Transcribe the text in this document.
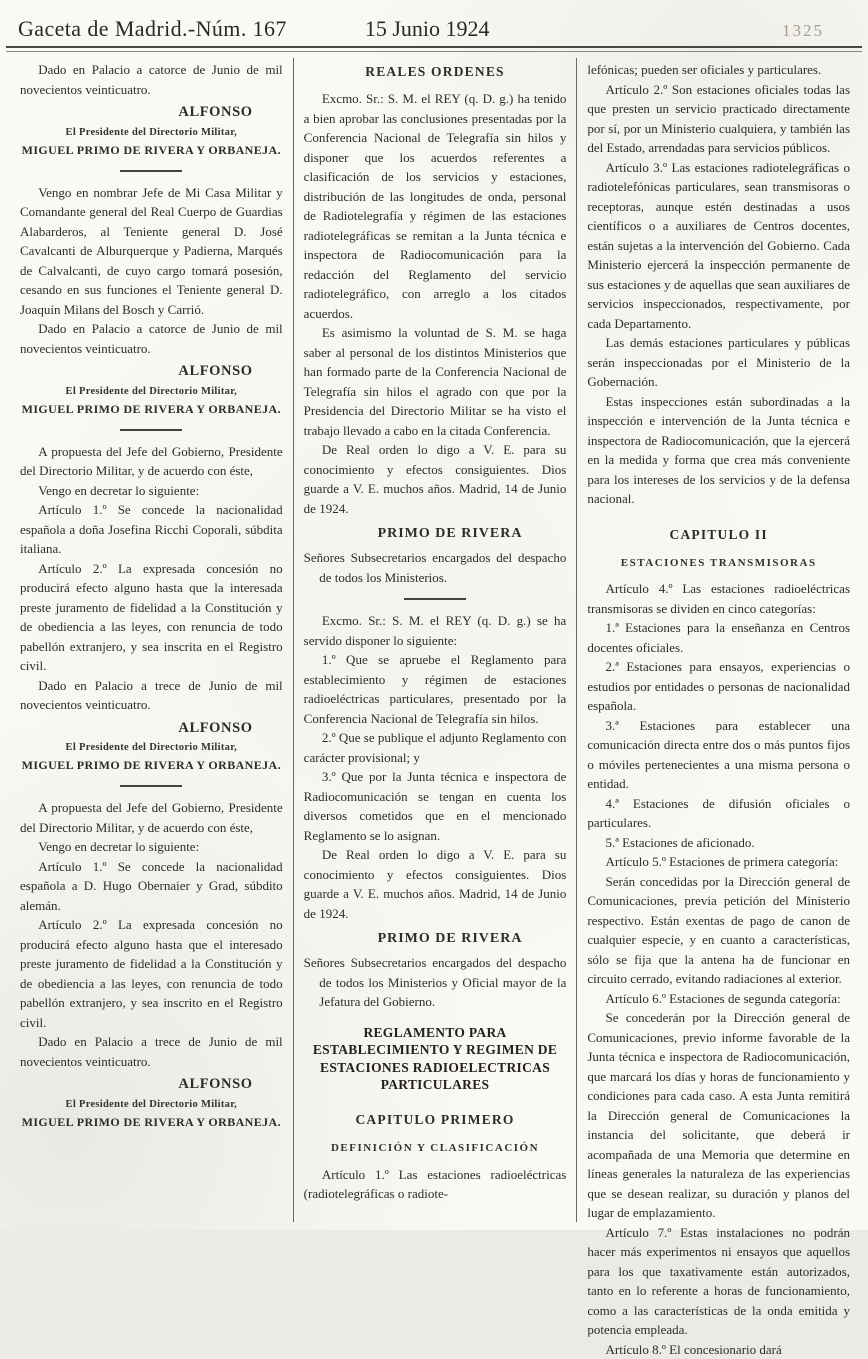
Gaceta de Madrid.-Núm. 167	15 Junio 1924	1325

Dado en Palacio a catorce de Junio de mil novecientos veinticuatro.

ALFONSO
El Presidente del Directorio Militar,
MIGUEL PRIMO DE RIVERA Y ORBANEJA.

Vengo en nombrar Jefe de Mi Casa Militar y Comandante general del Real Cuerpo de Guardias Alabarderos, al Teniente general D. José Cavalcanti de Alburquerque y Padierna, Marqués de Calvalcanti, de cuyo cargo tomará posesión, cesando en sus funciones el Teniente general D. Joaquín Milans del Bosch y Carrió.

Dado en Palacio a catorce de Junio de mil novecientos veinticuatro.

ALFONSO
El Presidente del Directorio Militar,
MIGUEL PRIMO DE RIVERA Y ORBANEJA.

A propuesta del Jefe del Gobierno, Presidente del Directorio Militar, y de acuerdo con éste,

Vengo en decretar lo siguiente:

Artículo 1.º Se concede la nacionalidad española a doña Josefina Ricchi Coporali, súbdita italiana.

Artículo 2.º La expresada concesión no producirá efecto alguno hasta que la interesada preste juramento de fidelidad a la Constitución y de obediencia a las leyes, con renuncia de todo pabellón extranjero, y sea inscrita en el Registro civil.

Dado en Palacio a trece de Junio de mil novecientos veinticuatro.

ALFONSO
El Presidente del Directorio Militar,
MIGUEL PRIMO DE RIVERA Y ORBANEJA.

A propuesta del Jefe del Gobierno, Presidente del Directorio Militar, y de acuerdo con éste,

Vengo en decretar lo siguiente:

Artículo 1.º Se concede la nacionalidad española a D. Hugo Obernaier y Grad, súbdito alemán.

Artículo 2.º La expresada concesión no producirá efecto alguno hasta que el interesado preste juramento de fidelidad a la Constitución y de obediencia a las leyes, con renuncia de todo pabellón extranjero, y sea inscrito en el Registro civil.

Dado en Palacio a trece de Junio de mil novecientos veinticuatro.

ALFONSO
El Presidente del Directorio Militar,
MIGUEL PRIMO DE RIVERA Y ORBANEJA.
REALES ORDENES

Excmo. Sr.: S. M. el REY (q. D. g.) ha tenido a bien aprobar las conclusiones presentadas por la Conferencia Nacional de Telegrafía sin hilos y disponer que los acuerdos referentes a clasificación de los servicios y estaciones, distribución de las longitudes de onda, personal de Radiotelegrafía y régimen de las estaciones radiotelegráficas se remitan a la Junta técnica e inspectora de Radiocomunicación para la redacción del Reglamento del servicio radiotelegráfico, con arreglo a los citados acuerdos.

Es asimismo la voluntad de S. M. se haga saber al personal de los distintos Ministerios que han formado parte de la Conferencia Nacional de Telegrafía sin hilos el agrado con que por la Presidencia del Directorio Militar se ha visto el trabajo llevado a cabo en la citada Conferencia.

De Real orden lo digo a V. E. para su conocimiento y efectos consiguientes. Dios guarde a V. E. muchos años. Madrid, 14 de Junio de 1924.

PRIMO DE RIVERA

Señores Subsecretarios encargados del despacho de todos los Ministerios.

Excmo. Sr.: S. M. el REY (q. D. g.) se ha servido disponer lo siguiente:

1.º Que se apruebe el Reglamento para establecimiento y régimen de estaciones radioeléctricas particulares, presentado por la Conferencia Nacional de Telegrafía sin hilos.

2.º Que se publique el adjunto Reglamento con carácter provisional; y

3.º Que por la Junta técnica e inspectora de Radiocomunicación se tengan en cuenta los diversos cometidos que en el mencionado Reglamento se lo asignan.

De Real orden lo digo a V. E. para su conocimiento y efectos consiguientes. Dios guarde a V. E. muchos años. Madrid, 14 de Junio de 1924.

PRIMO DE RIVERA

Señores Subsecretarios encargados del despacho de todos los Ministerios y Oficial mayor de la Jefatura del Gobierno.

REGLAMENTO PARA ESTABLECIMIENTO Y REGIMEN DE ESTACIONES RADIOELECTRICAS PARTICULARES
CAPITULO PRIMERO
DEFINICIÓN Y CLASIFICACIÓN

Artículo 1.º Las estaciones radioeléctricas (radiotelegráficas o radiote-

lefónicas; pueden ser oficiales y particulares.

Artículo 2.º Son estaciones oficiales todas las que presten un servicio practicado directamente por sí, por un Ministerio cualquiera, y también las del Estado, arrendadas para servicios públicos.

Artículo 3.º Las estaciones radiotelegráficas o radiotelefónicas particulares, sean transmisoras o receptoras, aunque estén destinadas a usos científicos o a auxiliares de Centros docentes, están sujetas a la intervención del Gobierno. Cada Ministerio ejercerá la inspección permanente de sus estaciones y de aquellas que sean auxiliares de servicios inspeccionados, respectivamente, por cada Departamento.

Las demás estaciones particulares y públicas serán inspeccionadas por el Ministerio de la Gobernación.

Estas inspecciones están subordinadas a la inspección e intervención de la Junta técnica e inspectora de Radiocomunicación, que la ejercerá en la medida y forma que crea más conveniente para los intereses de los servicios y de la defensa nacional.

CAPITULO II
ESTACIONES TRANSMISORAS

Artículo 4.º Las estaciones radioeléctricas transmisoras se dividen en cinco categorías:

1.ª Estaciones para la enseñanza en Centros docentes oficiales.

2.ª Estaciones para ensayos, experiencias o estudios por entidades o personas de nacionalidad española.

3.ª Estaciones para establecer una comunicación directa entre dos o más puntos fijos o móviles pertenecientes a una misma persona o entidad.

4.ª Estaciones de difusión oficiales o particulares.

5.ª Estaciones de aficionado.

Artículo 5.º Estaciones de primera categoría:

Serán concedidas por la Dirección general de Comunicaciones, previa petición del Ministerio respectivo. Están exentas de pago de canon de cualquier especie, y en cuanto a características, sólo se fija que la antena ha de funcionar en circuito cerrado, evitando radiaciones al exterior.

Artículo 6.º Estaciones de segunda categoría:

Se concederán por la Dirección general de Comunicaciones, previo informe favorable de la Junta técnica e inspectora de Radiocomunicación, que marcará los días y horas de funcionamiento y condiciones para cada caso. A esta Junta remitirá la Dirección general de Comunicaciones la instancia del solicitante, que deberá ir acompañada de una Memoria que determine en líneas generales la naturaleza de las experiencias que se desean realizar, su duración y planos del lugar de emplazamiento.

Artículo 7.º Estas instalaciones no podrán hacer más experimentos ni ensayos que aquellos para los que taxativamente están autorizados, tanto en lo referente a horas de funcionamiento, como a las características de la onda emitida y potencia empleada.

Artículo 8.º El concesionario dará
